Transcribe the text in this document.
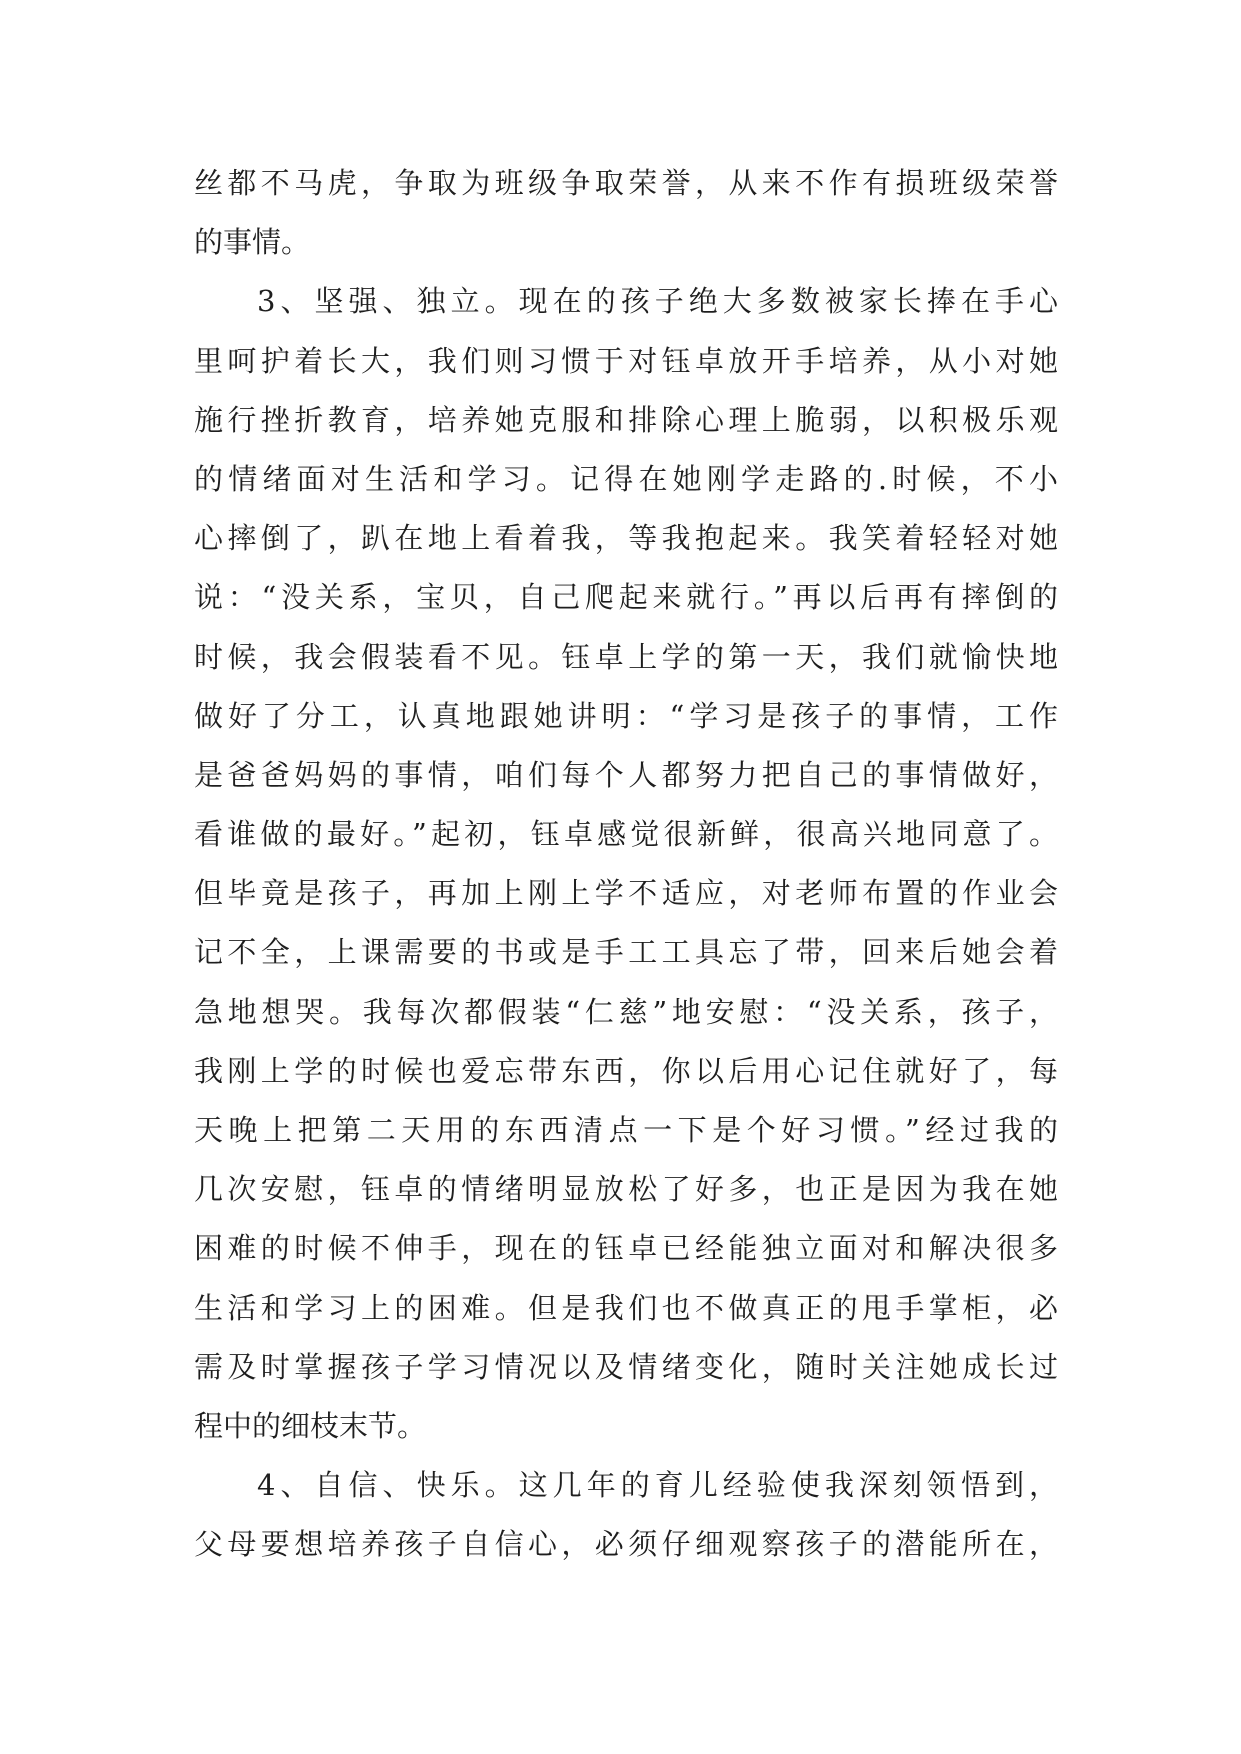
丝都不马虎，争取为班级争取荣誉，从来不作有损班级荣誉
的事情。
3、坚强、独立。现在的孩子绝大多数被家长捧在手心
里呵护着长大，我们则习惯于对钰卓放开手培养，从小对她
施行挫折教育，培养她克服和排除心理上脆弱，以积极乐观
的情绪面对生活和学习。记得在她刚学走路的.时候，不小
心摔倒了，趴在地上看着我，等我抱起来。我笑着轻轻对她
说：“没关系，宝贝，自己爬起来就行。”再以后再有摔倒的
时候，我会假装看不见。钰卓上学的第一天，我们就愉快地
做好了分工，认真地跟她讲明：“学习是孩子的事情，工作
是爸爸妈妈的事情，咱们每个人都努力把自己的事情做好，
看谁做的最好。”起初，钰卓感觉很新鲜，很高兴地同意了。
但毕竟是孩子，再加上刚上学不适应，对老师布置的作业会
记不全，上课需要的书或是手工工具忘了带，回来后她会着
急地想哭。我每次都假装“仁慈”地安慰：“没关系，孩子，
我刚上学的时候也爱忘带东西，你以后用心记住就好了，每
天晚上把第二天用的东西清点一下是个好习惯。”经过我的
几次安慰，钰卓的情绪明显放松了好多，也正是因为我在她
困难的时候不伸手，现在的钰卓已经能独立面对和解决很多
生活和学习上的困难。但是我们也不做真正的甩手掌柜，必
需及时掌握孩子学习情况以及情绪变化，随时关注她成长过
程中的细枝末节。
4、自信、快乐。这几年的育儿经验使我深刻领悟到，
父母要想培养孩子自信心，必须仔细观察孩子的潜能所在，
